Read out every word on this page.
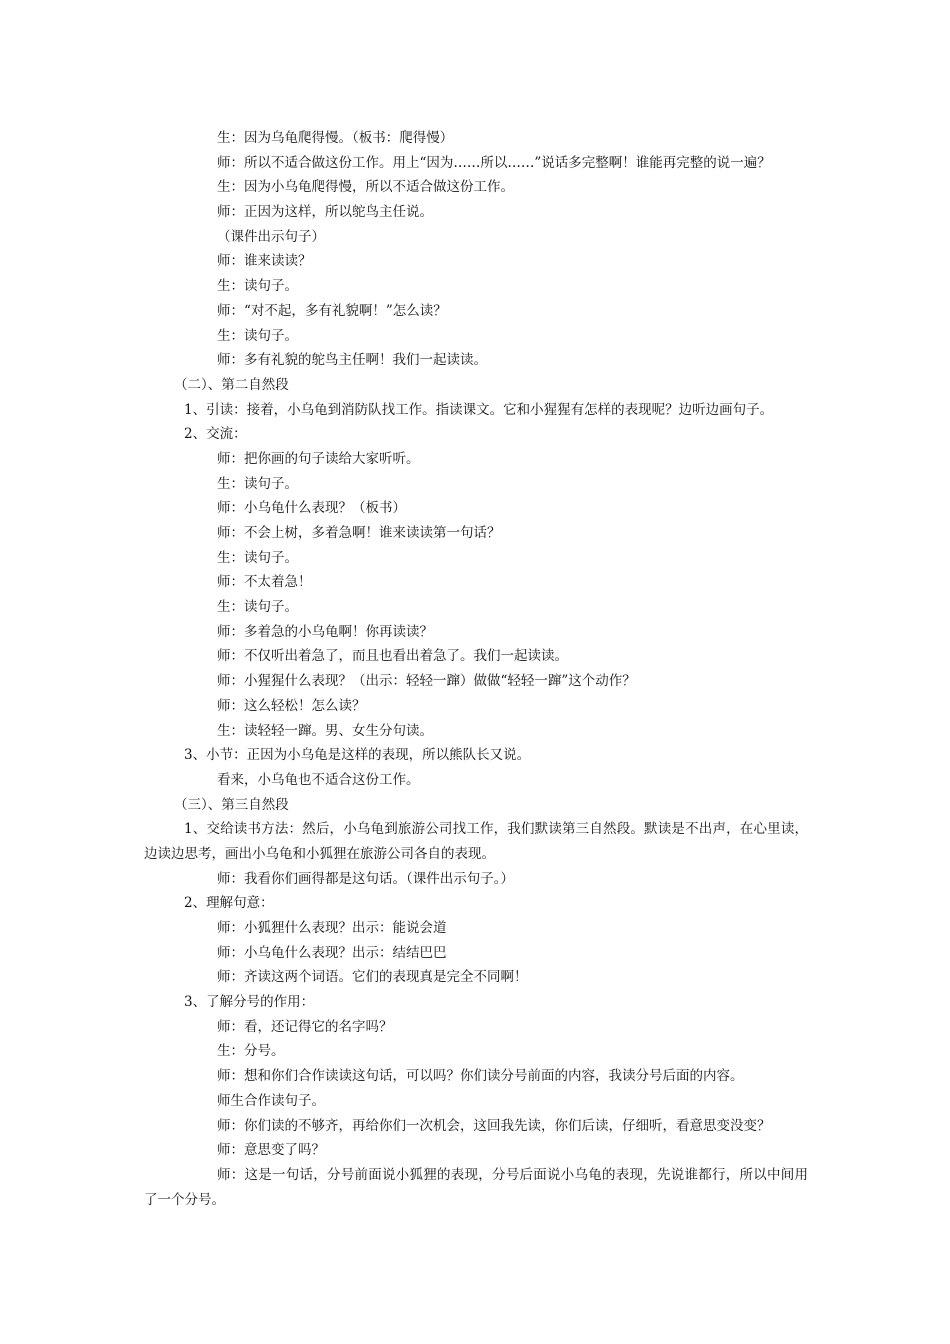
生：因为乌龟爬得慢。（板书：爬得慢）
师：所以不适合做这份工作。用上“因为……所以……”说话多完整啊！谁能再完整的说一遍？
生：因为小乌龟爬得慢，所以不适合做这份工作。
师：正因为这样，所以鸵鸟主任说。
（课件出示句子）
师：谁来读读？
生：读句子。
师：“对不起，多有礼貌啊！”怎么读？
生：读句子。
师：多有礼貌的鸵鸟主任啊！我们一起读读。
（二）、第二自然段
1、引读：接着，小乌龟到消防队找工作。指读课文。它和小猩猩有怎样的表现呢？边听边画句子。
2、交流：
师：把你画的句子读给大家听听。
生：读句子。
师：小乌龟什么表现？（板书）
师：不会上树，多着急啊！谁来读读第一句话？
生：读句子。
师：不太着急！
生：读句子。
师：多着急的小乌龟啊！你再读读？
师：不仅听出着急了，而且也看出着急了。我们一起读读。
师：小猩猩什么表现？（出示：轻轻一蹿）做做“轻轻一蹿”这个动作？
师：这么轻松！怎么读？
生：读轻轻一蹿。男、女生分句读。
3、小节：正因为小乌龟是这样的表现，所以熊队长又说。
看来，小乌龟也不适合这份工作。
（三）、第三自然段
1、交给读书方法：然后，小乌龟到旅游公司找工作，我们默读第三自然段。默读是不出声，在心里读，边读边思考，画出小乌龟和小狐狸在旅游公司各自的表现。
师：我看你们画得都是这句话。（课件出示句子。）
2、理解句意：
师：小狐狸什么表现？出示：能说会道
师：小乌龟什么表现？出示：结结巴巴
师：齐读这两个词语。它们的表现真是完全不同啊！
3、了解分号的作用：
师：看，还记得它的名字吗？
生：分号。
师：想和你们合作读读这句话，可以吗？你们读分号前面的内容，我读分号后面的内容。
师生合作读句子。
师：你们读的不够齐，再给你们一次机会，这回我先读，你们后读，仔细听，看意思变没变？
师：意思变了吗？
师：这是一句话，分号前面说小狐狸的表现，分号后面说小乌龟的表现，先说谁都行，所以中间用了一个分号。
